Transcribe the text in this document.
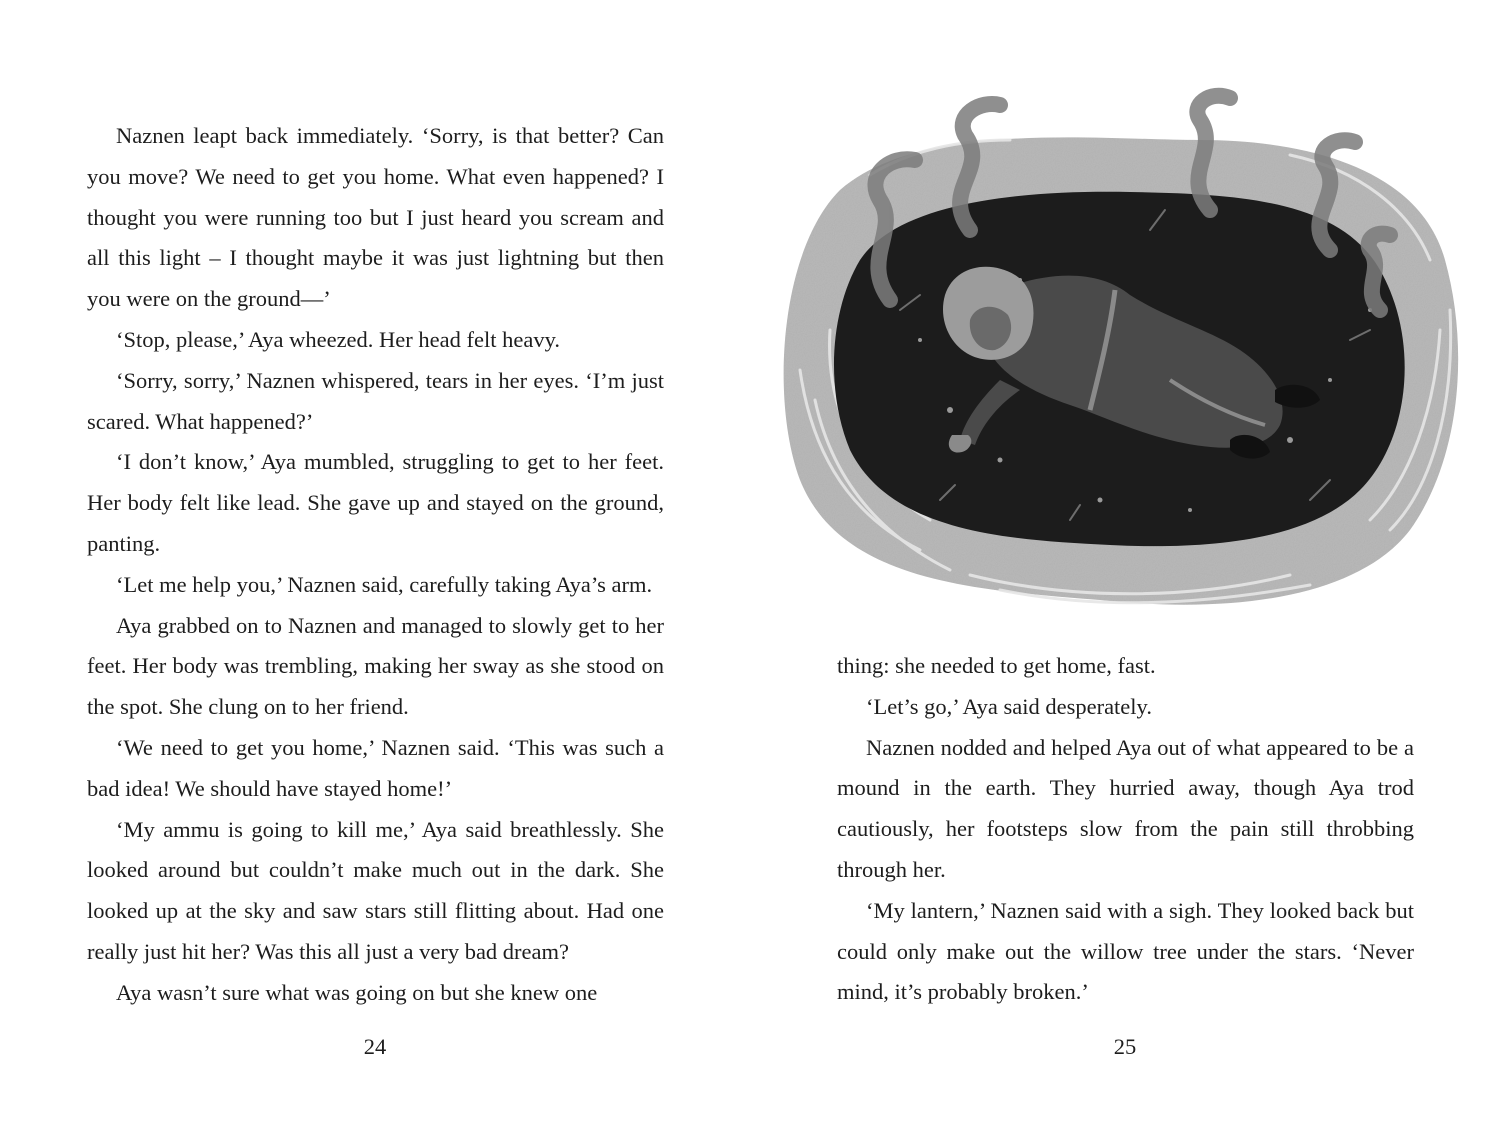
Naznen leapt back immediately. ‘Sorry, is that better? Can you move? We need to get you home. What even happened? I thought you were running too but I just heard you scream and all this light – I thought maybe it was just lightning but then you were on the ground—’

‘Stop, please,’ Aya wheezed. Her head felt heavy.

‘Sorry, sorry,’ Naznen whispered, tears in her eyes. ‘I’m just scared. What happened?’

‘I don’t know,’ Aya mumbled, struggling to get to her feet. Her body felt like lead. She gave up and stayed on the ground, panting.

‘Let me help you,’ Naznen said, carefully taking Aya’s arm.

Aya grabbed on to Naznen and managed to slowly get to her feet. Her body was trembling, making her sway as she stood on the spot. She clung on to her friend.

‘We need to get you home,’ Naznen said. ‘This was such a bad idea! We should have stayed home!’

‘My ammu is going to kill me,’ Aya said breathlessly. She looked around but couldn’t make much out in the dark. She looked up at the sky and saw stars still flitting about. Had one really just hit her? Was this all just a very bad dream?

Aya wasn’t sure what was going on but she knew one

24

thing: she needed to get home, fast.

‘Let’s go,’ Aya said desperately.

Naznen nodded and helped Aya out of what appeared to be a mound in the earth. They hurried away, though Aya trod cautiously, her footsteps slow from the pain still throbbing through her.

‘My lantern,’ Naznen said with a sigh. They looked back but could only make out the willow tree under the stars. ‘Never mind, it’s probably broken.’

25
